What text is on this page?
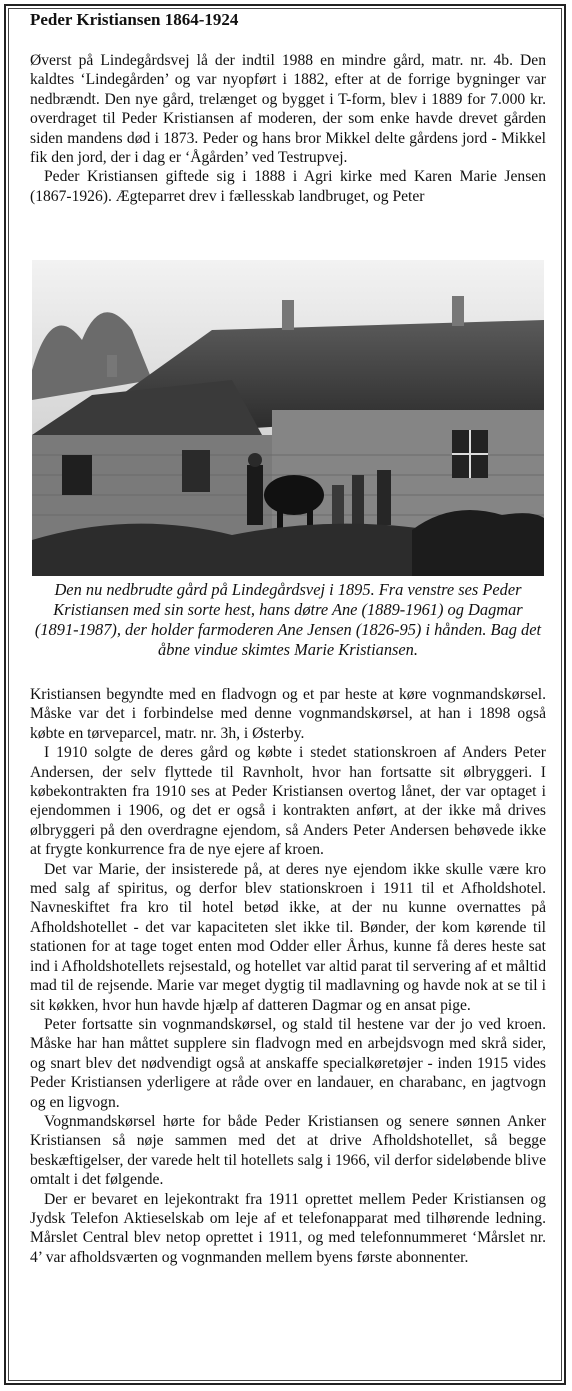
Peder Kristiansen 1864-1924

Øverst på Lindegårdsvej lå der indtil 1988 en mindre gård, matr. nr. 4b. Den kaldtes ‘Lindegården’ og var nyopført i 1882, efter at de forrige bygninger var nedbrændt. Den nye gård, trelænget og bygget i T-form, blev i 1889 for 7.000 kr. overdraget til Peder Kristiansen af moderen, der som enke havde drevet gården siden mandens død i 1873. Peder og hans bror Mikkel delte gårdens jord - Mikkel fik den jord, der i dag er ‘Ågården’ ved Testrupvej.

Peder Kristiansen giftede sig i 1888 i Agri kirke med Karen Marie Jensen (1867-1926). Ægteparret drev i fællesskab landbruget, og Peter

Den nu nedbrudte gård på Lindegårdsvej i 1895. Fra venstre ses Peder Kristiansen med sin sorte hest, hans døtre Ane (1889-1961) og Dagmar (1891-1987), der holder farmoderen Ane Jensen (1826-95) i hånden. Bag det åbne vindue skimtes Marie Kristiansen.

Kristiansen begyndte med en fladvogn og et par heste at køre vognmandskørsel. Måske var det i forbindelse med denne vognmandskørsel, at han i 1898 også købte en tørveparcel, matr. nr. 3h, i Østerby.

I 1910 solgte de deres gård og købte i stedet stationskroen af Anders Peter Andersen, der selv flyttede til Ravnholt, hvor han fortsatte sit ølbryggeri. I købekontrakten fra 1910 ses at Peder Kristiansen overtog lånet, der var optaget i ejendommen i 1906, og det er også i kontrakten anført, at der ikke må drives ølbryggeri på den overdragne ejendom, så Anders Peter Andersen behøvede ikke at frygte konkurrence fra de nye ejere af kroen.

Det var Marie, der insisterede på, at deres nye ejendom ikke skulle være kro med salg af spiritus, og derfor blev stationskroen i 1911 til et Afholdshotel. Navneskiftet fra kro til hotel betød ikke, at der nu kunne overnattes på Afholdshotellet - det var kapaciteten slet ikke til. Bønder, der kom kørende til stationen for at tage toget enten mod Odder eller Århus, kunne få deres heste sat ind i Afholdshotellets rejsestald, og hotellet var altid parat til servering af et måltid mad til de rejsende. Marie var meget dygtig til madlavning og havde nok at se til i sit køkken, hvor hun havde hjælp af datteren Dagmar og en ansat pige.

Peter fortsatte sin vognmandskørsel, og stald til hestene var der jo ved kroen. Måske har han måttet supplere sin fladvogn med en arbejdsvogn med skrå sider, og snart blev det nødvendigt også at anskaffe specialkøretøjer - inden 1915 vides Peder Kristiansen yderligere at råde over en landauer, en charabanc, en jagtvogn og en ligvogn.

Vognmandskørsel hørte for både Peder Kristiansen og senere sønnen Anker Kristiansen så nøje sammen med det at drive Afholdshotellet, så begge beskæftigelser, der varede helt til hotellets salg i 1966, vil derfor sideløbende blive omtalt i det følgende.

Der er bevaret en lejekontrakt fra 1911 oprettet mellem Peder Kristiansen og Jydsk Telefon Aktieselskab om leje af et telefonapparat med tilhørende ledning. Mårslet Central blev netop oprettet i 1911, og med telefonnummeret ‘Mårslet nr. 4’ var afholdsværten og vognmanden mellem byens første abonnenter.
